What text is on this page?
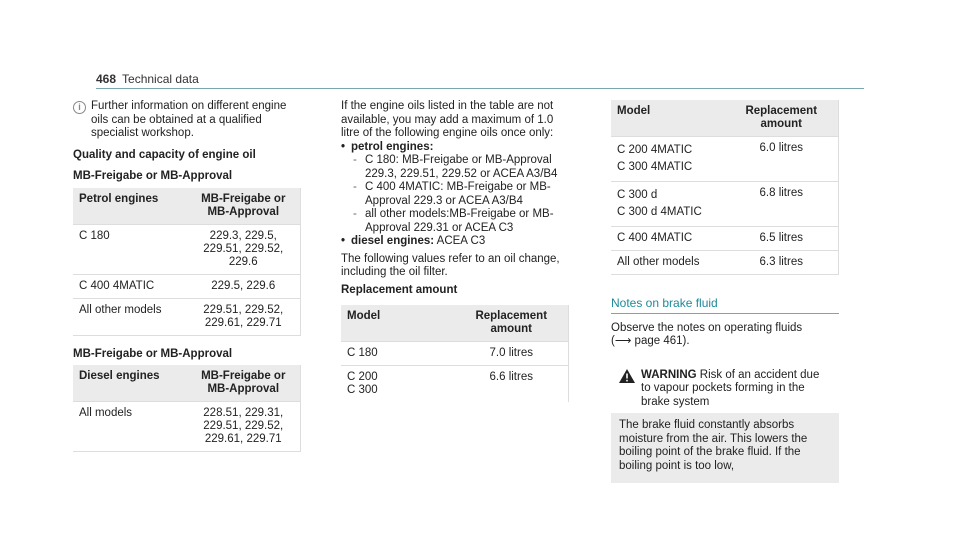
468 Technical data
i Further information on different engine oils can be obtained at a qualified specialist workshop.
Quality and capacity of engine oil
MB-Freigabe or MB-Approval
Petrol engines	MB-Freigabe or MB-Approval
C 180	229.3, 229.5, 229.51, 229.52, 229.6
C 400 4MATIC	229.5, 229.6
All other models	229.51, 229.52, 229.61, 229.71
MB-Freigabe or MB-Approval
Diesel engines	MB-Freigabe or MB-Approval
All models	228.51, 229.31, 229.51, 229.52, 229.61, 229.71
If the engine oils listed in the table are not available, you may add a maximum of 1.0 litre of the following engine oils once only:
• petrol engines:
- C 180: MB-Freigabe or MB-Approval 229.3, 229.51, 229.52 or ACEA A3/B4
- C 400 4MATIC: MB-Freigabe or MB-Approval 229.3 or ACEA A3/B4
- all other models:MB-Freigabe or MB-Approval 229.31 or ACEA C3
• diesel engines: ACEA C3
The following values refer to an oil change, including the oil filter.
Replacement amount
Model	Replacement amount
C 180	7.0 litres
C 200
C 300	6.6 litres
Model	Replacement amount
C 200 4MATIC
C 300 4MATIC	6.0 litres
C 300 d
C 300 d 4MATIC	6.8 litres
C 400 4MATIC	6.5 litres
All other models	6.3 litres
Notes on brake fluid
Observe the notes on operating fluids
(⟶ page 461).
WARNING Risk of an accident due to vapour pockets forming in the brake system
The brake fluid constantly absorbs moisture from the air. This lowers the boiling point of the brake fluid. If the boiling point is too low,
